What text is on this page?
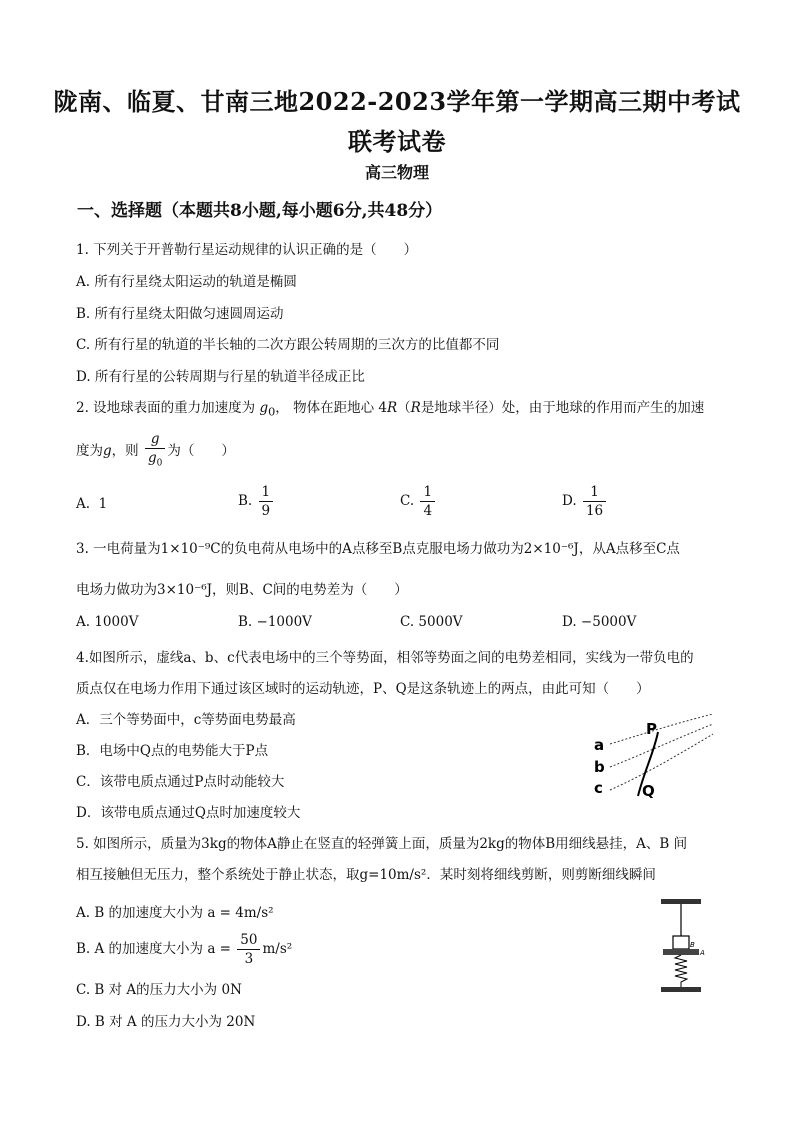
陇南、临夏、甘南三地2022-2023学年第一学期高三期中考试
联考试卷
高三物理
一、选择题（本题共8小题,每小题6分,共48分）
1. 下列关于开普勒行星运动规律的认识正确的是（　　）
A. 所有行星绕太阳运动的轨道是椭圆
B. 所有行星绕太阳做匀速圆周运动
C. 所有行星的轨道的半长轴的二次方跟公转周期的三次方的比值都不同
D. 所有行星的公转周期与行星的轨道半径成正比
2. 设地球表面的重力加速度为 $g_0$， 物体在距地心 4R（R是地球半径）处，由于地球的作用而产生的加速
度为g，则 $\frac{g}{g_0}$ 为（　　）
A. 1	B. $\frac{1}{9}$	C. $\frac{1}{4}$	D. $\frac{1}{16}$
3. 一电荷量为1×10⁻⁹C的负电荷从电场中的A点移至B点克服电场力做功为2×10⁻⁶J，从A点移至C点
电场力做功为3×10⁻⁶J，则B、C间的电势差为（　　）
A. 1000V	B. −1000V	C. 5000V	D. −5000V
4.如图所示，虚线a、b、c代表电场中的三个等势面，相邻等势面之间的电势差相同，实线为一带负电的
质点仅在电场力作用下通过该区域时的运动轨迹，P、Q是这条轨迹上的两点，由此可知（　　）
A．三个等势面中，c等势面电势最高
B．电场中Q点的电势能大于P点
C．该带电质点通过P点时动能较大
D．该带电质点通过Q点时加速度较大
a
b
c
P
Q
5. 如图所示，质量为3kg的物体A静止在竖直的轻弹簧上面，质量为2kg的物体B用细线悬挂，A、B 间
相互接触但无压力，整个系统处于静止状态，取g=10m/s²．某时刻将细线剪断，则剪断细线瞬间
A. B 的加速度大小为 a = 4m/s²
B. A 的加速度大小为 $a = \frac{50}{3} m/s^2$
C. B 对 A的压力大小为 0N
D. B 对 A 的压力大小为 20N
B
A
